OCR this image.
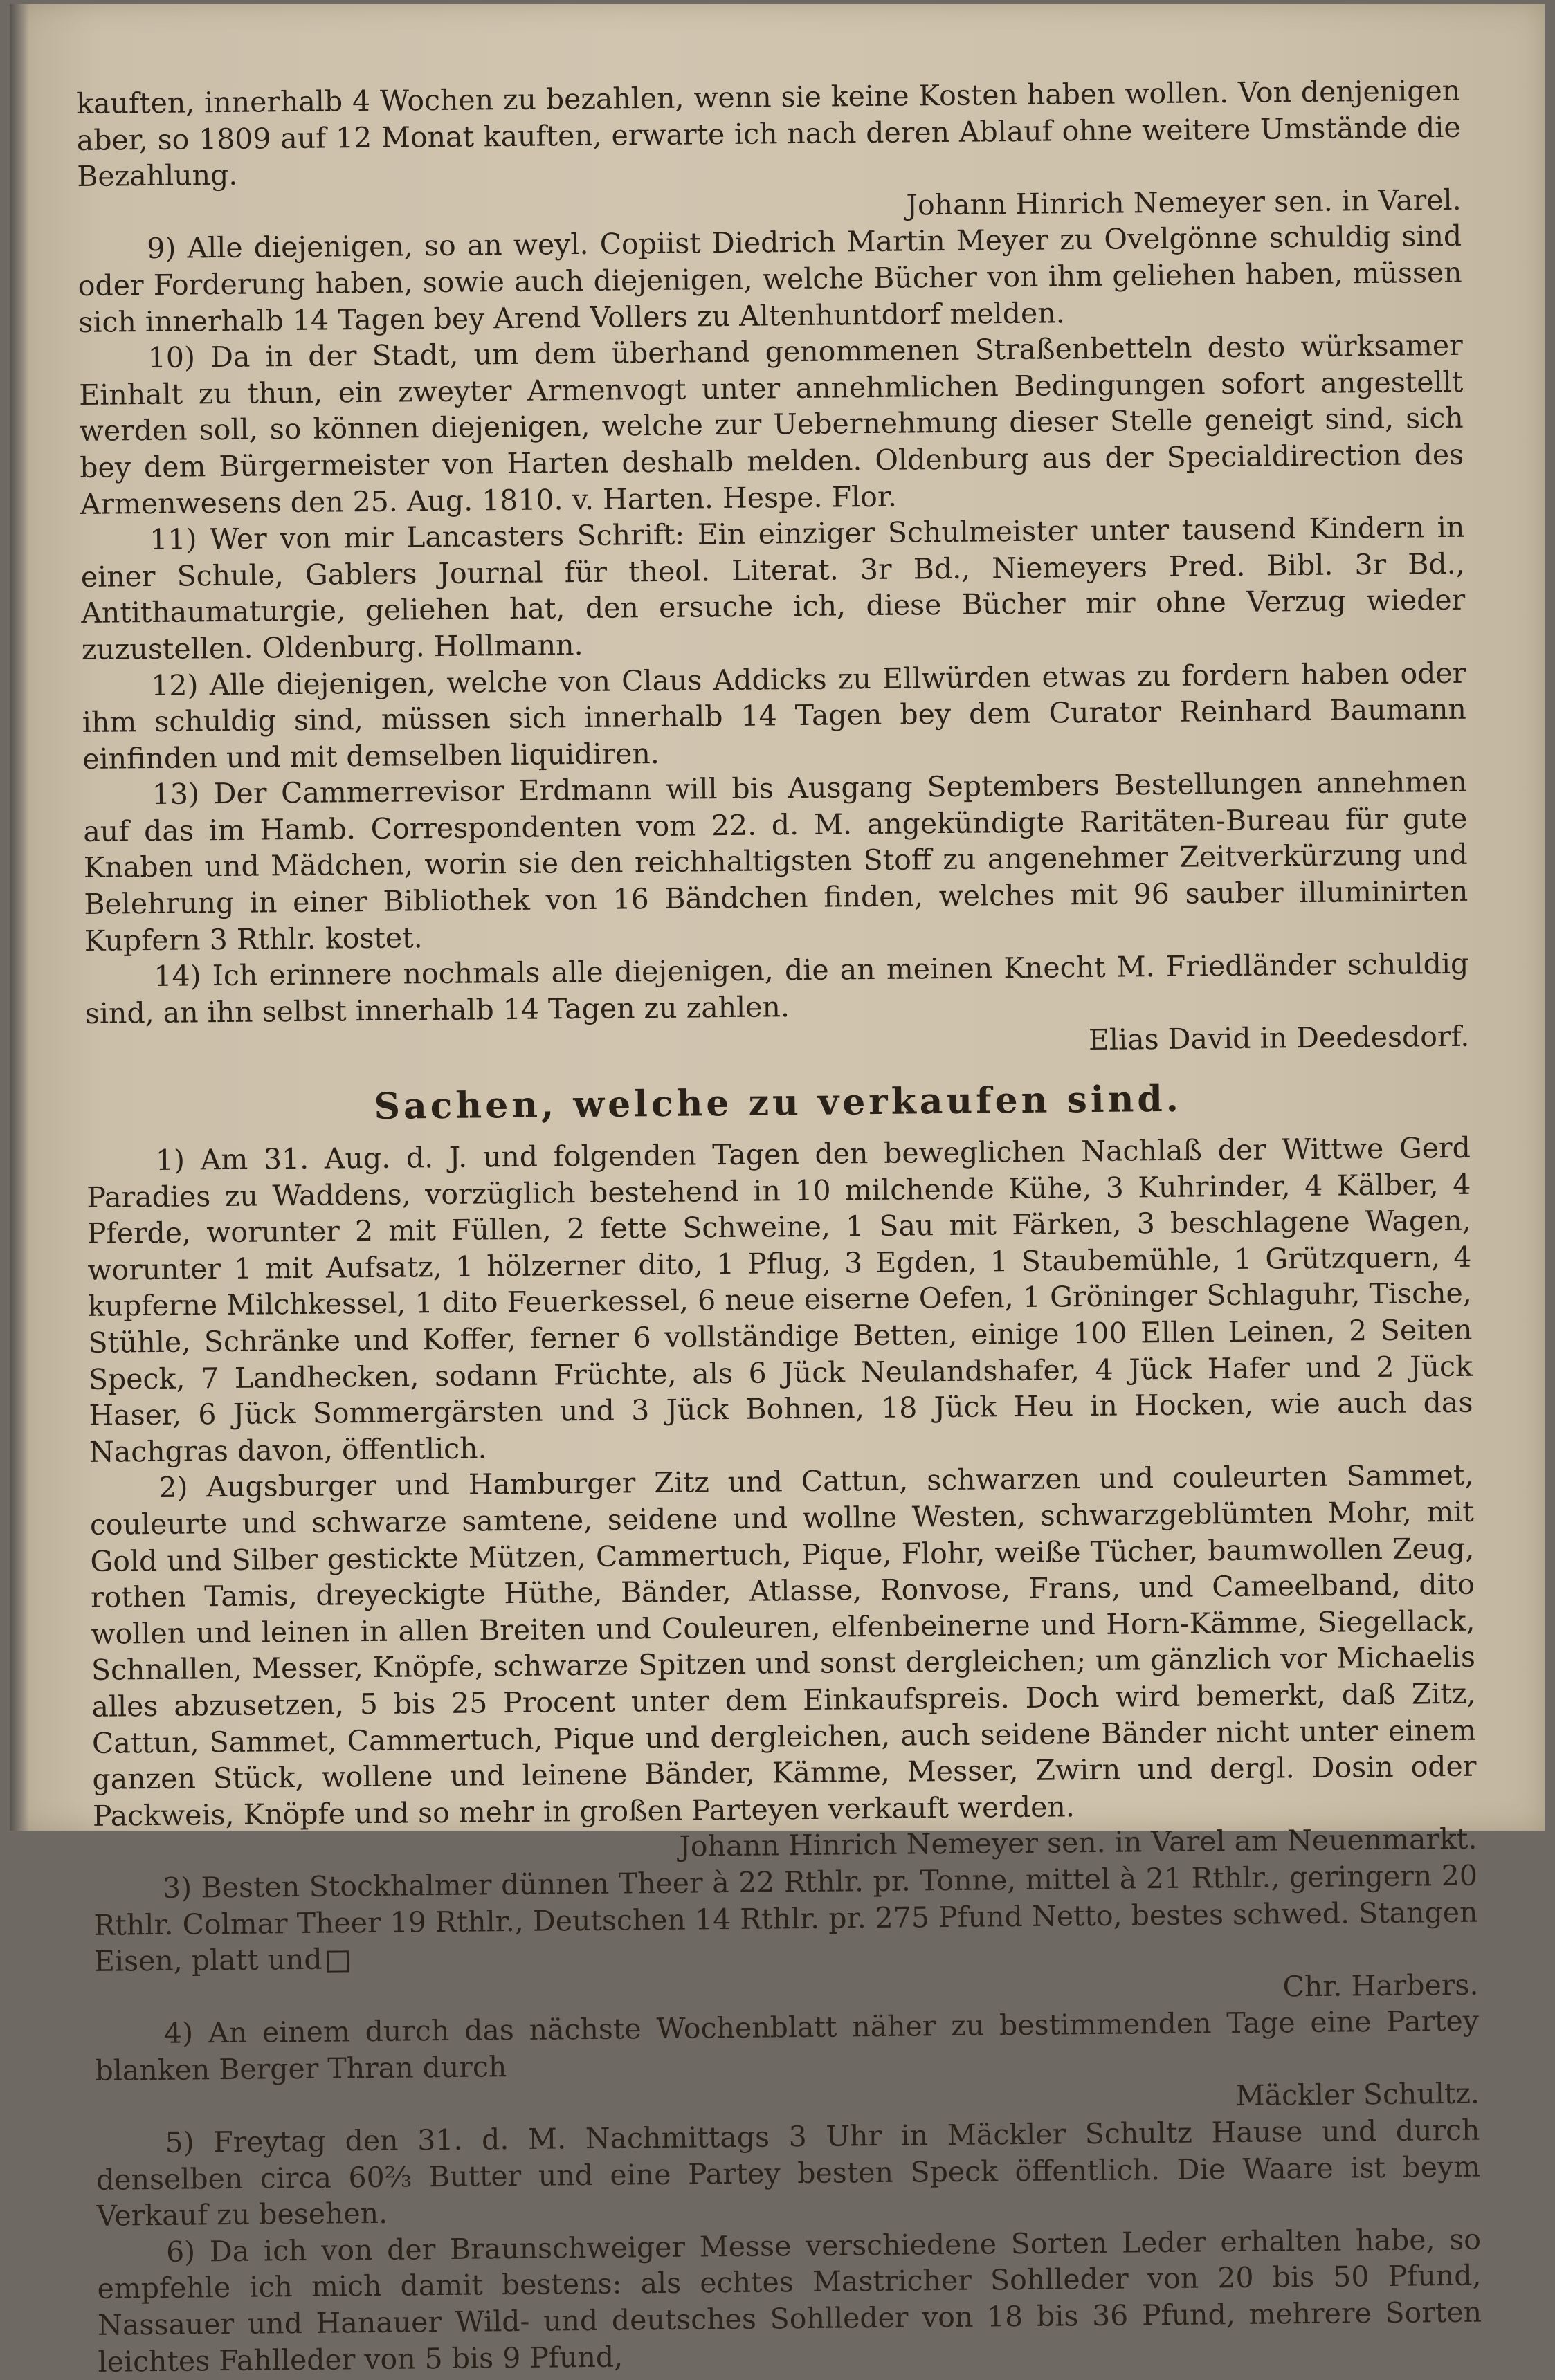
kauften, innerhalb 4 Wochen zu bezahlen, wenn sie keine Kosten haben wollen. Von denjenigen aber, so 1809 auf 12 Monat kauften, erwarte ich nach deren Ablauf ohne weitere Umstände die Bezahlung.

Johann Hinrich Nemeyer sen. in Varel.

9) Alle diejenigen, so an weyl. Copiist Diedrich Martin Meyer zu Ovelgönne schuldig sind oder Forderung haben, sowie auch diejenigen, welche Bücher von ihm geliehen haben, müssen sich innerhalb 14 Tagen bey Arend Vollers zu Altenhuntdorf melden.

10) Da in der Stadt, um dem überhand genommenen Straßenbetteln desto würksamer Einhalt zu thun, ein zweyter Armenvogt unter annehmlichen Bedingungen sofort angestellt werden soll, so können diejenigen, welche zur Uebernehmung dieser Stelle geneigt sind, sich bey dem Bürgermeister von Harten deshalb melden. Oldenburg aus der Specialdirection des Armenwesens den 25. Aug. 1810. v. Harten. Hespe. Flor.

11) Wer von mir Lancasters Schrift: Ein einziger Schulmeister unter tausend Kindern in einer Schule, Gablers Journal für theol. Literat. 3r Bd., Niemeyers Pred. Bibl. 3r Bd., Antithaumaturgie, geliehen hat, den ersuche ich, diese Bücher mir ohne Verzug wieder zuzustellen. Oldenburg. Hollmann.

12) Alle diejenigen, welche von Claus Addicks zu Ellwürden etwas zu fordern haben oder ihm schuldig sind, müssen sich innerhalb 14 Tagen bey dem Curator Reinhard Baumann einfinden und mit demselben liquidiren.

13) Der Cammerrevisor Erdmann will bis Ausgang Septembers Bestellungen annehmen auf das im Hamb. Correspondenten vom 22. d. M. angekündigte Raritäten-Bureau für gute Knaben und Mädchen, worin sie den reichhaltigsten Stoff zu angenehmer Zeitverkürzung und Belehrung in einer Bibliothek von 16 Bändchen finden, welches mit 96 sauber illuminirten Kupfern 3 Rthlr. kostet.

14) Ich erinnere nochmals alle diejenigen, die an meinen Knecht M. Friedländer schuldig sind, an ihn selbst innerhalb 14 Tagen zu zahlen.

Elias David in Deedesdorf.

Sachen, welche zu verkaufen sind.

1) Am 31. Aug. d. J. und folgenden Tagen den beweglichen Nachlaß der Wittwe Gerd Paradies zu Waddens, vorzüglich bestehend in 10 milchende Kühe, 3 Kuhrinder, 4 Kälber, 4 Pferde, worunter 2 mit Füllen, 2 fette Schweine, 1 Sau mit Färken, 3 beschlagene Wagen, worunter 1 mit Aufsatz, 1 hölzerner dito, 1 Pflug, 3 Egden, 1 Staubemühle, 1 Grützquern, 4 kupferne Milchkessel, 1 dito Feuerkessel, 6 neue eiserne Oefen, 1 Gröninger Schlaguhr, Tische, Stühle, Schränke und Koffer, ferner 6 vollständige Betten, einige 100 Ellen Leinen, 2 Seiten Speck, 7 Landhecken, sodann Früchte, als 6 Jück Neulandshafer, 4 Jück Hafer und 2 Jück Haser, 6 Jück Sommergärsten und 3 Jück Bohnen, 18 Jück Heu in Hocken, wie auch das Nachgras davon, öffentlich.

2) Augsburger und Hamburger Zitz und Cattun, schwarzen und couleurten Sammet, couleurte und schwarze samtene, seidene und wollne Westen, schwarzgeblümten Mohr, mit Gold und Silber gestickte Mützen, Cammertuch, Pique, Flohr, weiße Tücher, baumwollen Zeug, rothen Tamis, dreyeckigte Hüthe, Bänder, Atlasse, Ronvose, Frans, und Cameelband, dito wollen und leinen in allen Breiten und Couleuren, elfenbeinerne und Horn-Kämme, Siegellack, Schnallen, Messer, Knöpfe, schwarze Spitzen und sonst dergleichen; um gänzlich vor Michaelis alles abzusetzen, 5 bis 25 Procent unter dem Einkaufspreis. Doch wird bemerkt, daß Zitz, Cattun, Sammet, Cammertuch, Pique und dergleichen, auch seidene Bänder nicht unter einem ganzen Stück, wollene und leinene Bänder, Kämme, Messer, Zwirn und dergl. Dosin oder Packweis, Knöpfe und so mehr in großen Parteyen verkauft werden.

Johann Hinrich Nemeyer sen. in Varel am Neuenmarkt.

3) Besten Stockhalmer dünnen Theer à 22 Rthlr. pr. Tonne, mittel à 21 Rthlr., geringern 20 Rthlr. Colmar Theer 19 Rthlr., Deutschen 14 Rthlr. pr. 275 Pfund Netto, bestes schwed. Stangen Eisen, platt und

Chr. Harbers.

4) An einem durch das nächste Wochenblatt näher zu bestimmenden Tage eine Partey blanken Berger Thran durch

Mäckler Schultz.

5) Freytag den 31. d. M. Nachmittags 3 Uhr in Mäckler Schultz Hause und durch denselben circa 60⅔ Butter und eine Partey besten Speck öffentlich. Die Waare ist beym Verkauf zu besehen.

6) Da ich von der Braunschweiger Messe verschiedene Sorten Leder erhalten habe, so empfehle ich mich damit bestens: als echtes Mastricher Sohlleder von 20 bis 50 Pfund, Nassauer und Hanauer Wild- und deutsches Sohlleder von 18 bis 36 Pfund, mehrere Sorten leichtes Fahlleder von 5 bis 9 Pfund,
